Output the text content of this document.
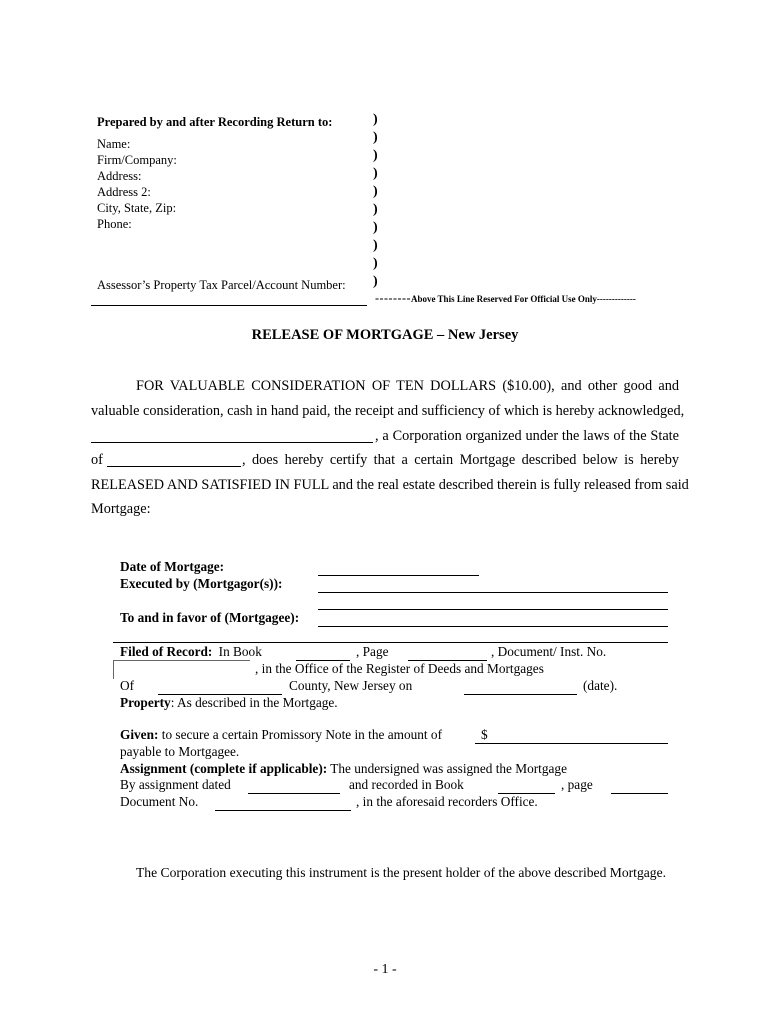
Prepared by and after Recording Return to:
Name:
Firm/Company:
Address:
Address 2:
City, State, Zip:
Phone:
Assessor’s Property Tax Parcel/Account Number:
)
)
)
)
)
)
)
)
)
)
--------Above This Line Reserved For Official Use Only-------------
RELEASE OF MORTGAGE – New Jersey
FOR VALUABLE CONSIDERATION OF TEN DOLLARS ($10.00), and other good and
valuable consideration, cash in hand paid, the receipt and sufficiency of which is hereby acknowledged,
, a Corporation organized under the laws of the State
of	, does hereby certify that a certain Mortgage described below is hereby
RELEASED AND SATISFIED IN FULL and the real estate described therein is fully released from said
Mortgage:
Date of Mortgage:
Executed by (Mortgagor(s)):
To and in favor of (Mortgagee):
Filed of Record: In Book	, Page	, Document/ Inst. No.
, in the Office of the Register of Deeds and Mortgages
Of	County, New Jersey on	(date).
Property: As described in the Mortgage.
Given: to secure a certain Promissory Note in the amount of	$
payable to Mortgagee.
Assignment (complete if applicable): The undersigned was assigned the Mortgage
By assignment dated	and recorded in Book	, page
Document No.	, in the aforesaid recorders Office.
The Corporation executing this instrument is the present holder of the above described Mortgage.
- 1 -
